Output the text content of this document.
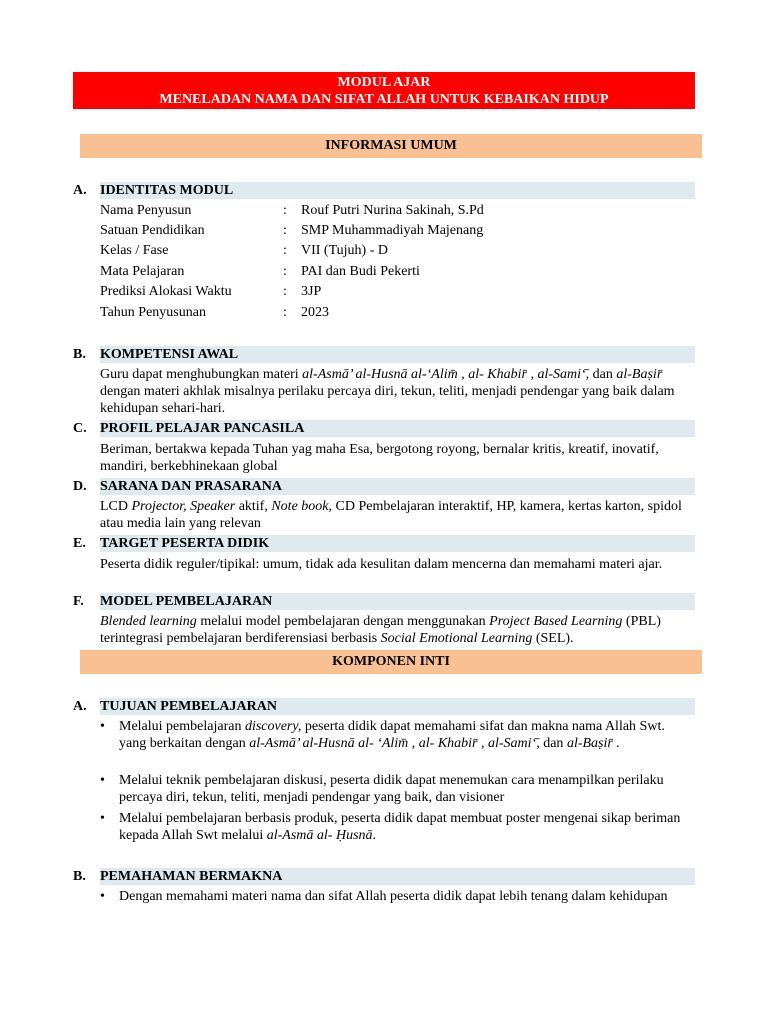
MODUL AJAR
MENELADAN NAMA DAN SIFAT ALLAH UNTUK KEBAIKAN HIDUP
INFORMASI UMUM
A. IDENTITAS MODUL
Nama Penyusun	: Rouf Putri Nurina Sakinah, S.Pd
Satuan Pendidikan	: SMP Muhammadiyah Majenang
Kelas / Fase	: VII (Tujuh) - D
Mata Pelajaran	: PAI dan Budi Pekerti
Prediksi Alokasi Waktu	: 3JP
Tahun Penyusunan	: 2023
B. KOMPETENSI AWAL
Guru dapat menghubungkan materi al-Asmā’ al-Husnā al-‘Alim̄ , al- Khabir̄ , al-Sami‘̄, dan al-Baṣir̄ dengan materi akhlak misalnya perilaku percaya diri, tekun, teliti, menjadi pendengar yang baik dalam kehidupan sehari-hari.
C. PROFIL PELAJAR PANCASILA
Beriman, bertakwa kepada Tuhan yag maha Esa, bergotong royong, bernalar kritis, kreatif, inovatif, mandiri, berkebhinekaan global
D. SARANA DAN PRASARANA
LCD Projector, Speaker aktif, Note book, CD Pembelajaran interaktif, HP, kamera, kertas karton, spidol atau media lain yang relevan
E. TARGET PESERTA DIDIK
Peserta didik reguler/tipikal: umum, tidak ada kesulitan dalam mencerna dan memahami materi ajar.
F. MODEL PEMBELAJARAN
Blended learning melalui model pembelajaran dengan menggunakan Project Based Learning (PBL) terintegrasi pembelajaran berdiferensiasi berbasis Social Emotional Learning (SEL).
KOMPONEN INTI
A. TUJUAN PEMBELAJARAN
• Melalui pembelajaran discovery, peserta didik dapat memahami sifat dan makna nama Allah Swt. yang berkaitan dengan al-Asmā’ al-Husnā al- ‘Alim̄ , al- Khabir̄ , al-Sami‘̄, dan al-Baṣir̄ .
• Melalui teknik pembelajaran diskusi, peserta didik dapat menemukan cara menampilkan perilaku percaya diri, tekun, teliti, menjadi pendengar yang baik, dan visioner
• Melalui pembelajaran berbasis produk, peserta didik dapat membuat poster mengenai sikap beriman kepada Allah Swt melalui al-Asmā al- Ḥusnā.
B. PEMAHAMAN BERMAKNA
• Dengan memahami materi nama dan sifat Allah peserta didik dapat lebih tenang dalam kehidupan
